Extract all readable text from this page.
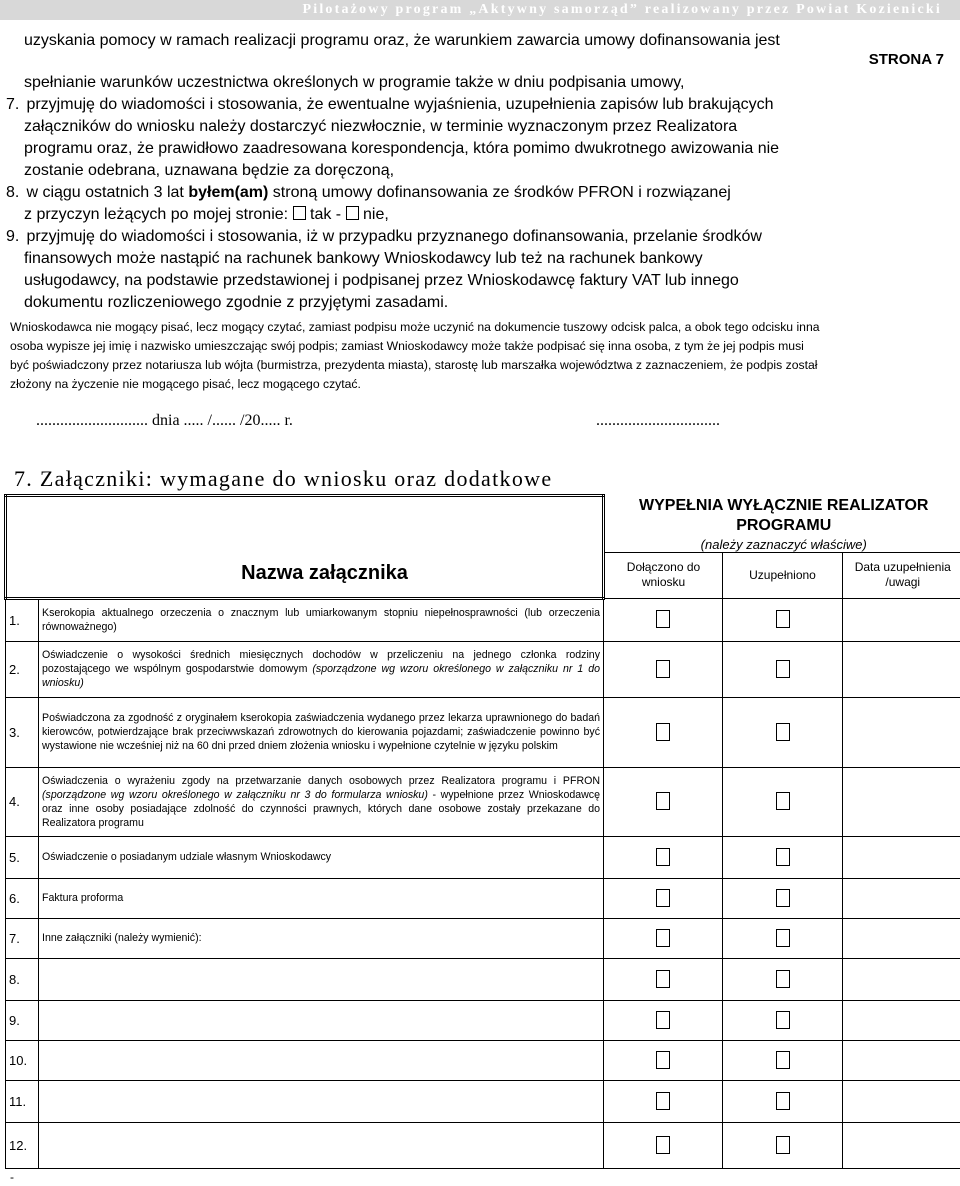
Pilotażowy program „Aktywny samorząd” realizowany przez Powiat Kozienicki
uzyskania pomocy w ramach realizacji programu oraz, że warunkiem zawarcia umowy dofinansowania jest
STRONA 7
spełnianie warunków uczestnictwa określonych w programie także w dniu podpisania umowy,
7. przyjmuję do wiadomości i stosowania, że ewentualne wyjaśnienia, uzupełnienia zapisów lub brakujących
załączników do wniosku należy dostarczyć niezwłocznie, w terminie wyznaczonym przez Realizatora
programu oraz, że prawidłowo zaadresowana korespondencja, która pomimo dwukrotnego awizowania nie
zostanie odebrana, uznawana będzie za doręczoną,
8. w ciągu ostatnich 3 lat byłem(am) stroną umowy dofinansowania ze środków PFRON i rozwiązanej
z przyczyn leżących po mojej stronie:  tak -  nie,
9. przyjmuję do wiadomości i stosowania, iż w przypadku przyznanego dofinansowania, przelanie środków
finansowych może nastąpić na rachunek bankowy Wnioskodawcy lub też na rachunek bankowy
usługodawcy, na podstawie przedstawionej i podpisanej przez Wnioskodawcę faktury VAT lub innego
dokumentu rozliczeniowego zgodnie z przyjętymi zasadami.
Wnioskodawca nie mogący pisać, lecz mogący czytać, zamiast podpisu może uczynić na dokumencie tuszowy odcisk palca, a obok tego odcisku inna
osoba wypisze jej imię i nazwisko umieszczając swój podpis; zamiast Wnioskodawcy może także podpisać się inna osoba, z tym że jej podpis musi
być poświadczony przez notariusza lub wójta (burmistrza, prezydenta miasta), starostę lub marszałka województwa z zaznaczeniem, że podpis został
złożony na życzenie nie mogącego pisać, lecz mogącego czytać.
............................ dnia ..... /...... /20..... r.	...............................
7. Załączniki: wymagane do wniosku oraz dodatkowe
Nazwa załącznika		WYPEŁNIA WYŁĄCZNIE REALIZATOR PROGRAMU
(należy zaznaczyć właściwe)		

		Dołączono do wniosku	Uzupełniono	Data uzupełnienia /uwagi
1.	Kserokopia aktualnego orzeczenia o znacznym lub umiarkowanym stopniu niepełnosprawności (lub orzeczenia równoważnego)			
2.	Oświadczenie o wysokości średnich miesięcznych dochodów w przeliczeniu na jednego członka rodziny pozostającego we wspólnym gospodarstwie domowym (sporządzone wg wzoru określonego w załączniku nr 1 do wniosku)			
3.	Poświadczona za zgodność z oryginałem kserokopia zaświadczenia wydanego przez lekarza uprawnionego do badań kierowców, potwierdzające brak przeciwwskazań zdrowotnych do kierowania pojazdami; zaświadczenie powinno być wystawione nie wcześniej niż na 60 dni przed dniem złożenia wniosku i wypełnione czytelnie w języku polskim			
4.	Oświadczenia o wyrażeniu zgody na przetwarzanie danych osobowych przez Realizatora programu i PFRON (sporządzone wg wzoru określonego w załączniku nr 3 do formularza wniosku) - wypełnione przez Wnioskodawcę oraz inne osoby posiadające zdolność do czynności prawnych, których dane osobowe zostały przekazane do Realizatora programu			
5.	Oświadczenie o posiadanym udziale własnym Wnioskodawcy			
6.	Faktura proforma			
7.	Inne załączniki (należy wymienić):			
8.				
9.				
10.				
11.				
12.				
-
